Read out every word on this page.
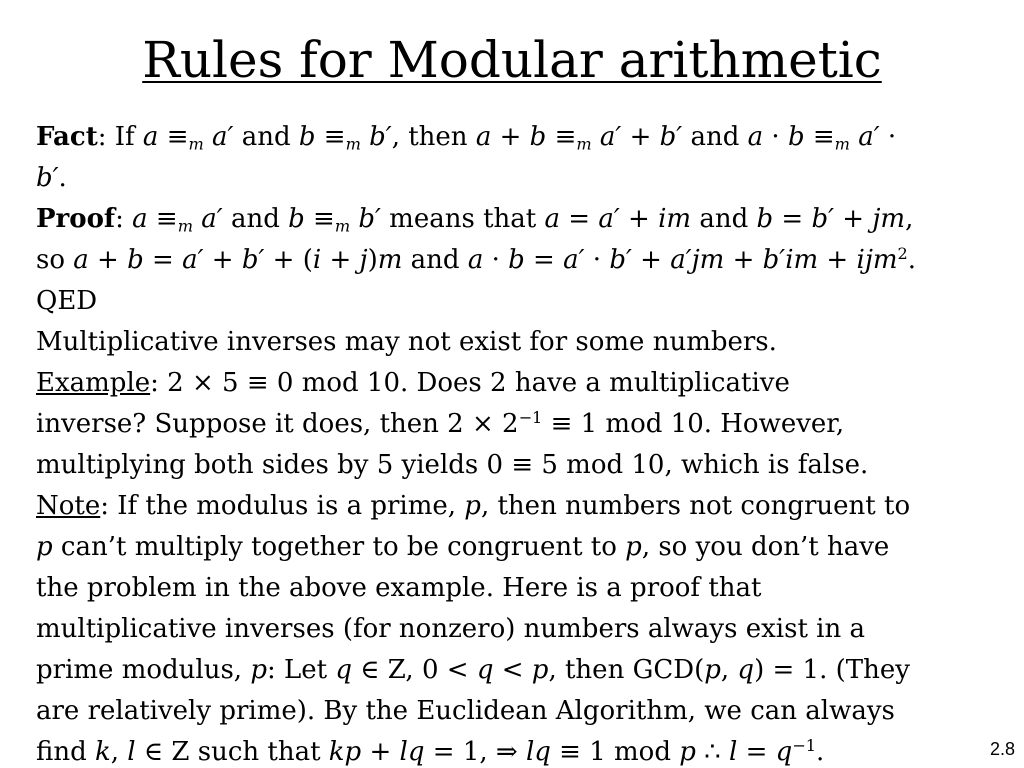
Rules for Modular arithmetic
Fact: If $a \equiv_m$ a′ and $b \equiv_m$ b′, then $a + b \equiv_m$ a′ + b′ and $a \cdot b \equiv_m$ a′ ·
b′.
Proof: $a \equiv_m$ a′ and $b \equiv_m$ b′ means that a = a′ + im and b = b′ + jm,
so a + b = a′ + b′ + (i + j)m and a · b = a′ · b′ + a′jm + b′im + ijm$^2$.
QED
Multiplicative inverses may not exist for some numbers.
Example: 2 × 5 ≡ 0 mod 10. Does 2 have a multiplicative
inverse? Suppose it does, then $2 \times 2^{-1} \equiv 1$ mod 10. However,
multiplying both sides by 5 yields 0 ≡ 5 mod 10, which is false.
Note: If the modulus is a prime, p, then numbers not congruent to
p can’t multiply together to be congruent to p, so you don’t have
the problem in the above example. Here is a proof that
multiplicative inverses (for nonzero) numbers always exist in a
prime modulus, p: Let q ∈ Z, 0 < q < p, then GCD(p, q) = 1. (They
are relatively prime). By the Euclidean Algorithm, we can always
find k, l ∈ Z such that kp + lq = 1, ⇒ lq ≡ 1 mod p ∴ $l = q^{-1}$.	2.8
